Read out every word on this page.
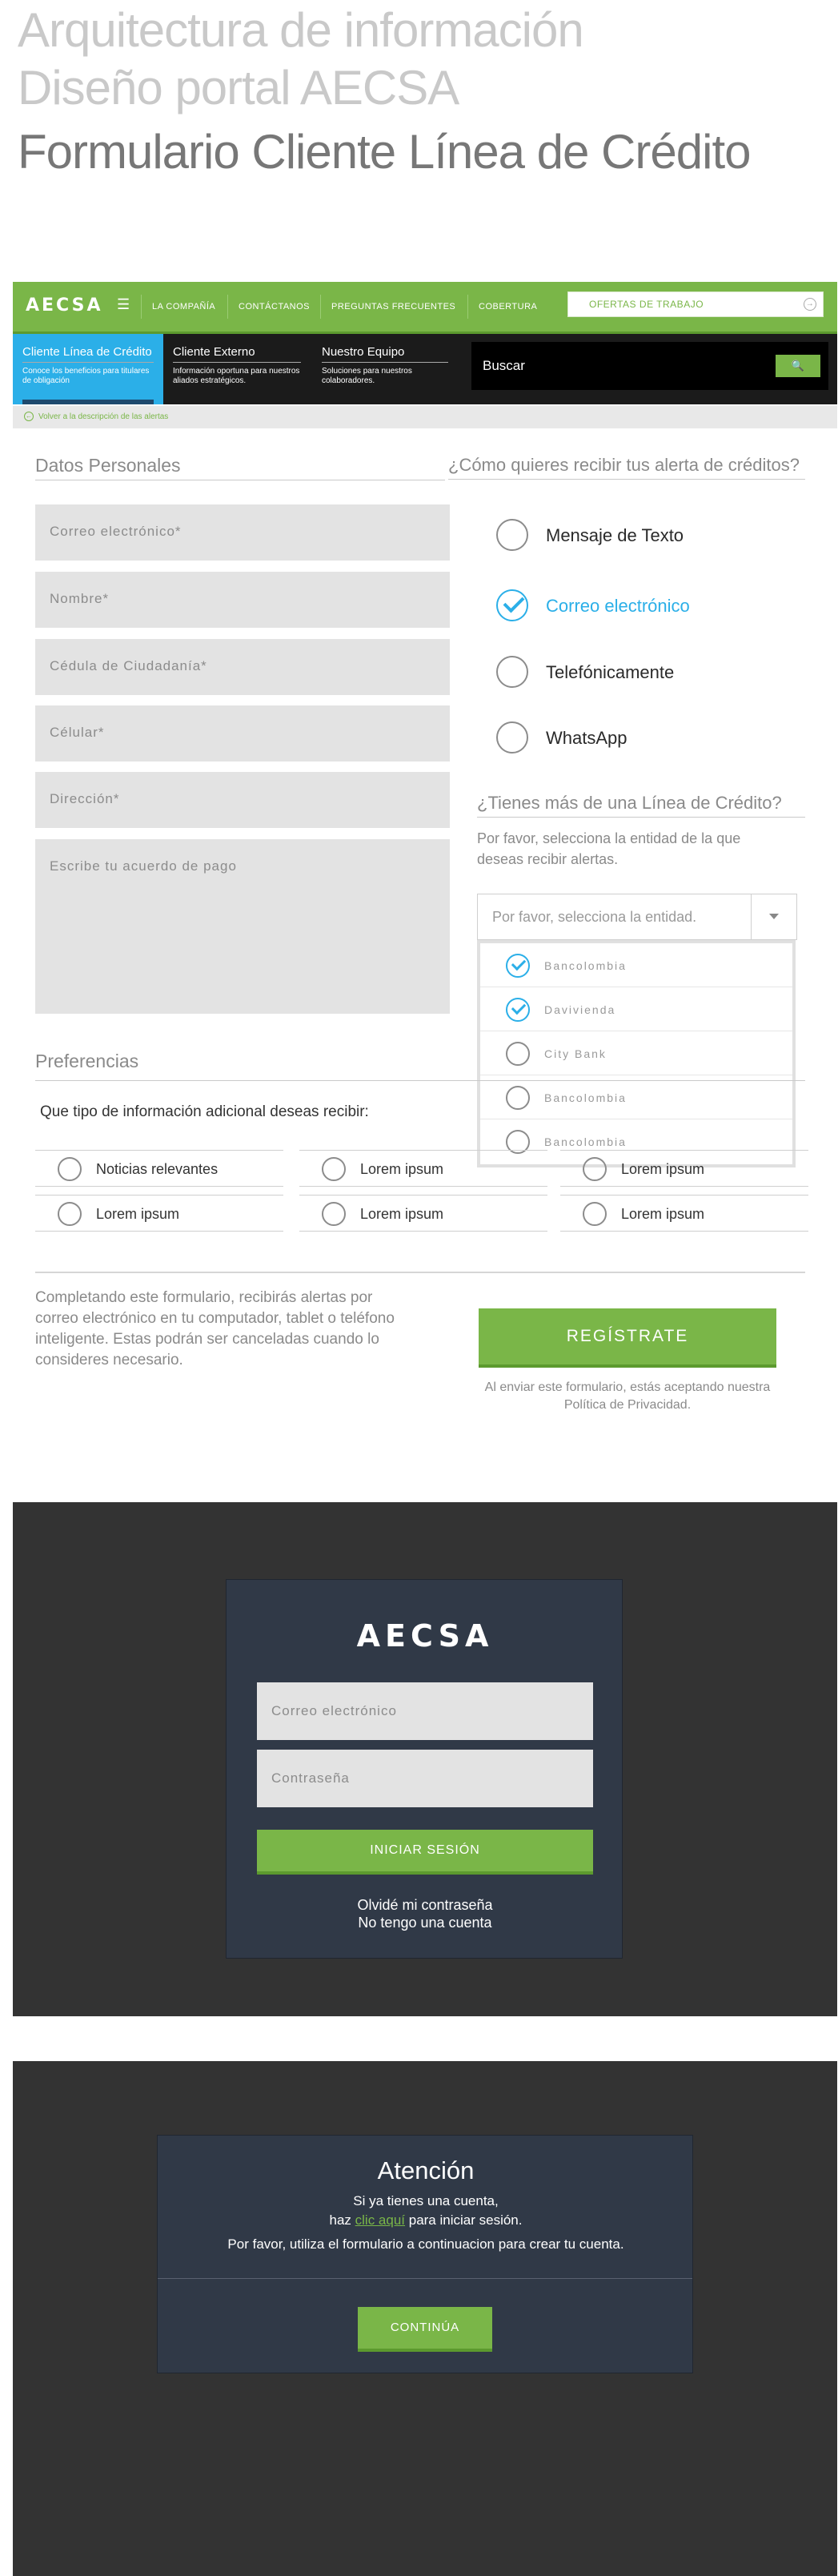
Arquitectura de información
Diseño portal AECSA
Formulario Cliente Línea de Crédito
AECSA ☰	LA COMPAÑÍA	CONTÁCTANOS PREGUNTAS FRECUENTES	COBERTURA	OFERTAS DE TRABAJO	→
Cliente Línea de Crédito
Conoce los beneficios para titulares de obligación
Cliente Externo
Información oportuna para nuestros aliados estratégicos.
Nuestro Equipo
Soluciones para nuestros colaboradores.
Buscar	🔍
← Volver a la descripción de las alertas
Datos Personales
Correo electrónico*
Nombre*
Cédula de Ciudadanía*
Célular*
Dirección*
Escribe tu acuerdo de pago
¿Cómo quieres recibir tus alerta de créditos?
Mensaje de Texto
Correo electrónico
Telefónicamente
WhatsApp
¿Tienes más de una Línea de Crédito?
Por favor, selecciona la entidad de la que deseas recibir alertas.
Por favor, selecciona la entidad.
Bancolombia
Davivienda
City Bank
Bancolombia
Bancolombia
Preferencias
Que tipo de información adicional deseas recibir:
Noticias relevantes	Lorem ipsum	Lorem ipsum
Lorem ipsum	Lorem ipsum	Lorem ipsum
Completando este formulario, recibirás alertas por correo electrónico en tu computador, tablet o teléfono inteligente. Estas podrán ser canceladas cuando lo consideres necesario.
REGÍSTRATE
Al enviar este formulario, estás aceptando nuestra Política de Privacidad.
AECSA
Correo electrónico
Contraseña
INICIAR SESIÓN
Olvidé mi contraseña
No tengo una cuenta
Atención
Si ya tienes una cuenta,
haz clic aquí para iniciar sesión.
Por favor, utiliza el formulario a continuacion para crear tu cuenta.
CONTINÚA
